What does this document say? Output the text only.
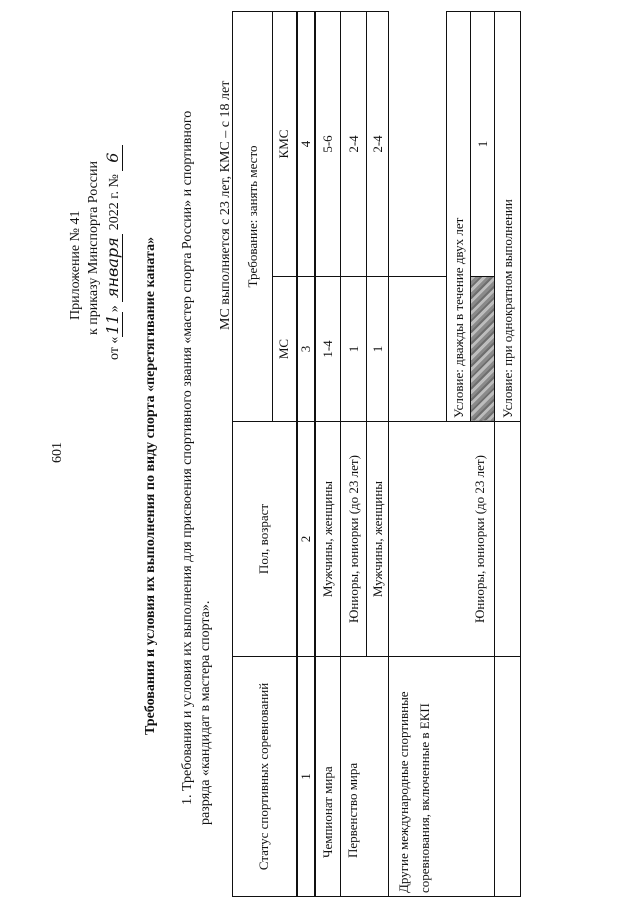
601
Приложение № 41 к приказу Минспорта России
от «11» января 2022 г. № 6
Требования и условия их выполнения по виду спорта «перетягивание каната» 1. Требования и условия их выполнения для присвоения спортивного звания «мастер спорта России» и спортивного разряда «кандидат в мастера спорта».
МС выполняется с 23 лет, КМС – с 18 лет
Статус спортивных соревнований	Пол, возраст	Требование: занять место	
		МС	КМС
1	2	3	4
Чемпионат мира	Мужчины, женщины	1-4	5-6
Первенство мира	Юниоры, юниорки (до 23 лет)	1	2-4
	Мужчины, женщины	1	2-4

Другие международные спортивные соревнования, включенные в ЕКП	Юниоры, юниорки (до 23 лет)	
		Условие: дважды в течение двух лет	
			1
		Условие: при однократном выполнении	
